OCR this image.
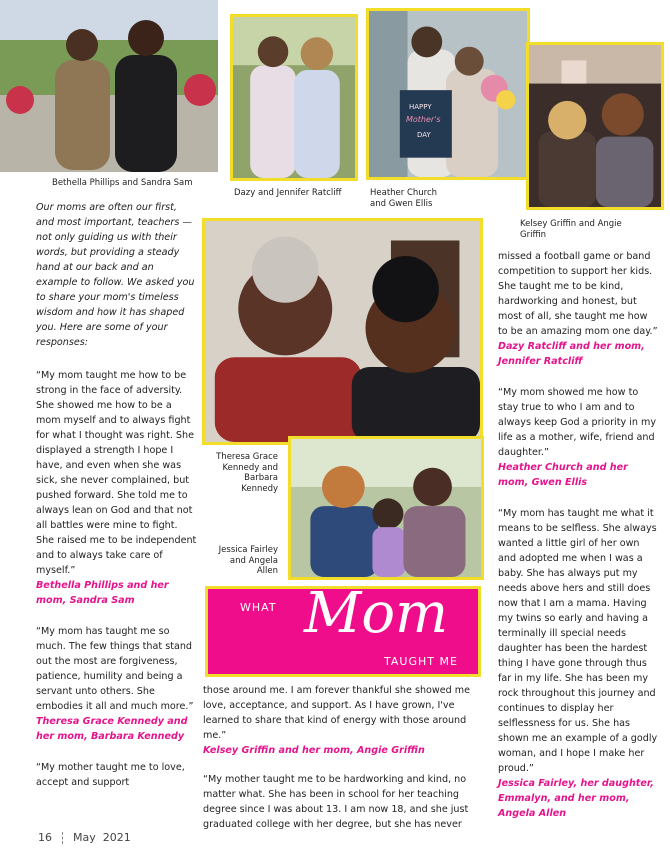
Bethella Phillips and Sandra Sam
Dazy and Jennifer Ratcliff
HAPPY
Mother's
DAY
Heather Church and Gwen Ellis
Kelsey Griffin and Angie Griffin

Our moms are often our first, and most important, teachers — not only guiding us with their words, but providing a steady hand at our back and an example to follow. We asked you to share your mom's timeless wisdom and how it has shaped you. Here are some of your responses:

“My mom taught me how to be strong in the face of adversity. She showed me how to be a mom myself and to always fight for what I thought was right. She displayed a strength I hope I have, and even when she was sick, she never complained, but pushed forward. She told me to always lean on God and that not all battles were mine to fight. She raised me to be independent and to always take care of myself.”

Bethella Phillips and her mom, Sandra Sam

“My mom has taught me so much. The few things that stand out the most are forgiveness, patience, humility and being a servant unto others. She embodies it all and much more.”

Theresa Grace Kennedy and her mom, Barbara Kennedy

“My mother taught me to love, accept and support

Theresa Grace Kennedy and Barbara Kennedy
Jessica Fairley and Angela Allen
WHAT Mom
TAUGHT ME

those around me. I am forever thankful she showed me love, acceptance, and support. As I have grown, I've learned to share that kind of energy with those around me.”

Kelsey Griffin and her mom, Angie Griffin

“My mother taught me to be hardworking and kind, no matter what. She has been in school for her teaching degree since I was about 13. I am now 18, and she just graduated college with her degree, but she has never

missed a football game or band competition to support her kids. She taught me to be kind, hardworking and honest, but most of all, she taught me how to be an amazing mom one day.”

Dazy Ratcliff and her mom, Jennifer Ratcliff

“My mom showed me how to stay true to who I am and to always keep God a priority in my life as a mother, wife, friend and daughter.”

Heather Church and her mom, Gwen Ellis

“My mom has taught me what it means to be selfless. She always wanted a little girl of her own and adopted me when I was a baby. She has always put my needs above hers and still does now that I am a mama. Having my twins so early and having a terminally ill special needs daughter has been the hardest thing I have gone through thus far in my life. She has been my rock throughout this journey and continues to display her selflessness for us. She has shown me an example of a godly woman, and I hope I make her proud.”

Jessica Fairley, her daughter, Emmalyn, and her mom, Angela Allen

16 May  2021
